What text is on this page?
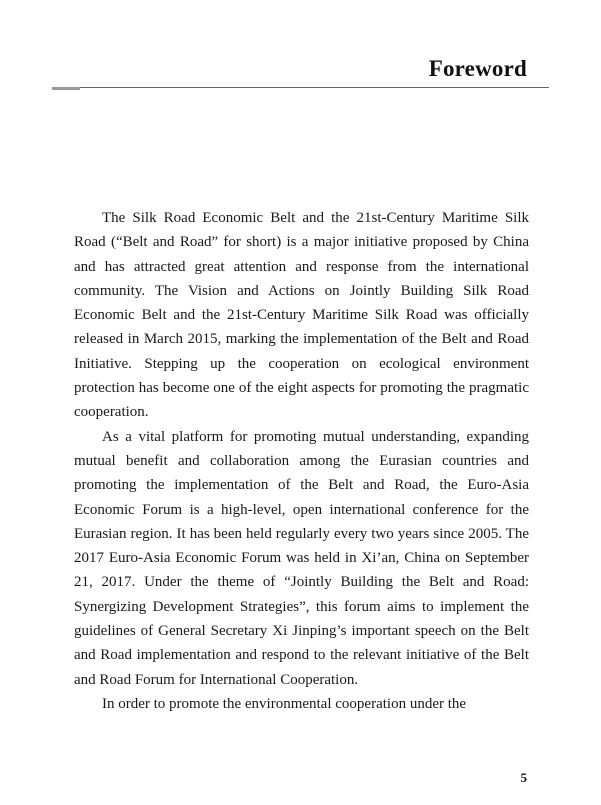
Foreword

The Silk Road Economic Belt and the 21st-Century Maritime Silk Road (“Belt and Road” for short) is a major initiative proposed by China and has attracted great attention and response from the international community. The Vision and Actions on Jointly Building Silk Road Economic Belt and the 21st-Century Maritime Silk Road was officially released in March 2015, marking the implementation of the Belt and Road Initiative. Stepping up the cooperation on ecological environment protection has become one of the eight aspects for promoting the pragmatic cooperation.

As a vital platform for promoting mutual understanding, expanding mutual benefit and collaboration among the Eurasian countries and promoting the implementation of the Belt and Road, the Euro-Asia Economic Forum is a high-level, open international conference for the Eurasian region. It has been held regularly every two years since 2005. The 2017 Euro-Asia Economic Forum was held in Xi’an, China on September 21, 2017. Under the theme of “Jointly Building the Belt and Road: Synergizing Development Strategies”, this forum aims to implement the guidelines of General Secretary Xi Jinping’s important speech on the Belt and Road implementation and respond to the relevant initiative of the Belt and Road Forum for International Cooperation.

In order to promote the environmental cooperation under the

5
